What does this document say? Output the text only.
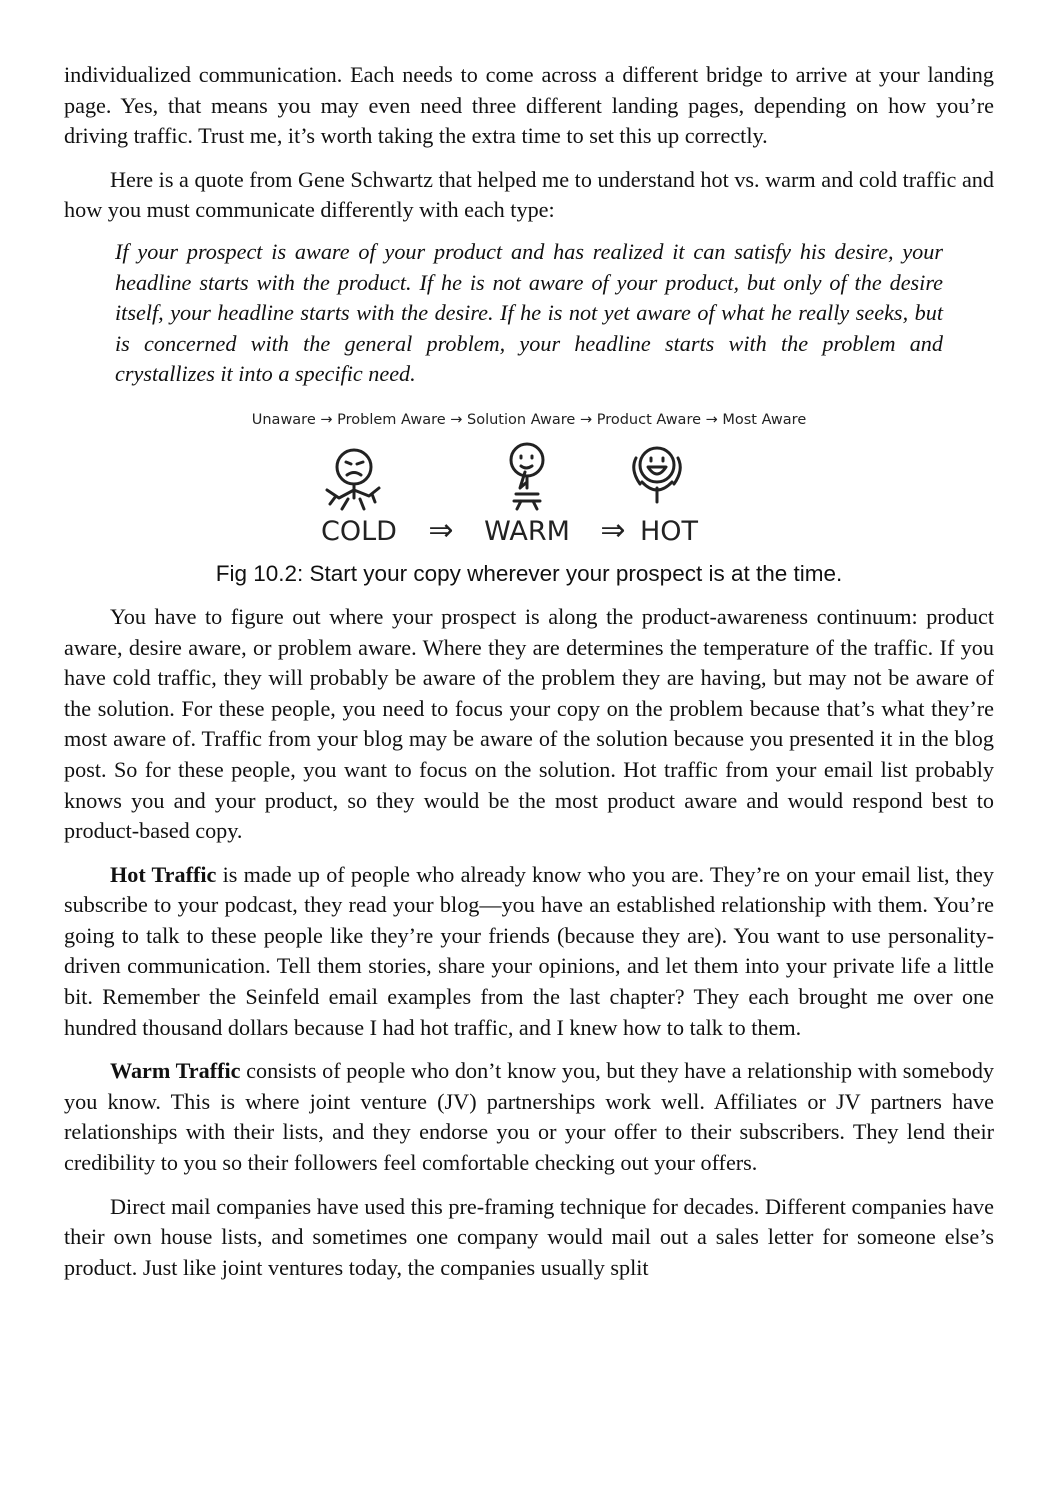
individualized communication. Each needs to come across a different bridge to arrive at your landing page. Yes, that means you may even need three different landing pages, depending on how you’re driving traffic. Trust me, it’s worth taking the extra time to set this up correctly.

Here is a quote from Gene Schwartz that helped me to understand hot vs. warm and cold traffic and how you must communicate differently with each type:

If your prospect is aware of your product and has realized it can satisfy his desire, your headline starts with the product. If he is not aware of your product, but only of the desire itself, your headline starts with the desire. If he is not yet aware of what he really seeks, but is concerned with the general problem, your headline starts with the problem and crystallizes it into a specific need.

Unaware → Problem Aware → Solution Aware → Product Aware → Most Aware
COLD ⇒ WARM ⇒ HOT
Fig 10.2: Start your copy wherever your prospect is at the time.

You have to figure out where your prospect is along the product-awareness continuum: product aware, desire aware, or problem aware. Where they are determines the temperature of the traffic. If you have cold traffic, they will probably be aware of the problem they are having, but may not be aware of the solution. For these people, you need to focus your copy on the problem because that’s what they’re most aware of. Traffic from your blog may be aware of the solution because you presented it in the blog post. So for these people, you want to focus on the solution. Hot traffic from your email list probably knows you and your product, so they would be the most product aware and would respond best to product-based copy.

Hot Traffic is made up of people who already know who you are. They’re on your email list, they subscribe to your podcast, they read your blog—you have an established relationship with them. You’re going to talk to these people like they’re your friends (because they are). You want to use personality-driven communication. Tell them stories, share your opinions, and let them into your private life a little bit. Remember the Seinfeld email examples from the last chapter? They each brought me over one hundred thousand dollars because I had hot traffic, and I knew how to talk to them.

Warm Traffic consists of people who don’t know you, but they have a relationship with somebody you know. This is where joint venture (JV) partnerships work well. Affiliates or JV partners have relationships with their lists, and they endorse you or your offer to their subscribers. They lend their credibility to you so their followers feel comfortable checking out your offers.

Direct mail companies have used this pre-framing technique for decades. Different companies have their own house lists, and sometimes one company would mail out a sales letter for someone else’s product. Just like joint ventures today, the companies usually split
